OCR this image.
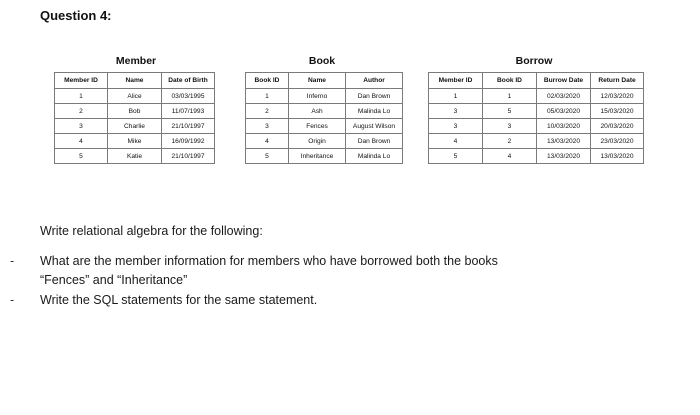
Question 4:
Member
Member ID	Name	Date of Birth
1	Alice	03/03/1995
2	Bob	11/07/1993
3	Charlie	21/10/1997
4	Mike	16/09/1992
5	Katie	21/10/1997
Book
Book ID	Name	Author
1	Inferno	Dan Brown
2	Ash	Malinda Lo
3	Fences	August Wilson
4	Origin	Dan Brown
5	Inheritance	Malinda Lo
Borrow
Member ID	Book ID	Burrow Date	Return Date
1	1	02/03/2020	12/03/2020
3	5	05/03/2020	15/03/2020
3	3	10/03/2020	20/03/2020
4	2	13/03/2020	23/03/2020
5	4	13/03/2020	13/03/2020
Write relational algebra for the following:
- What are the member information for members who have borrowed both the books
“Fences” and “Inheritance”
- Write the SQL statements for the same statement.
